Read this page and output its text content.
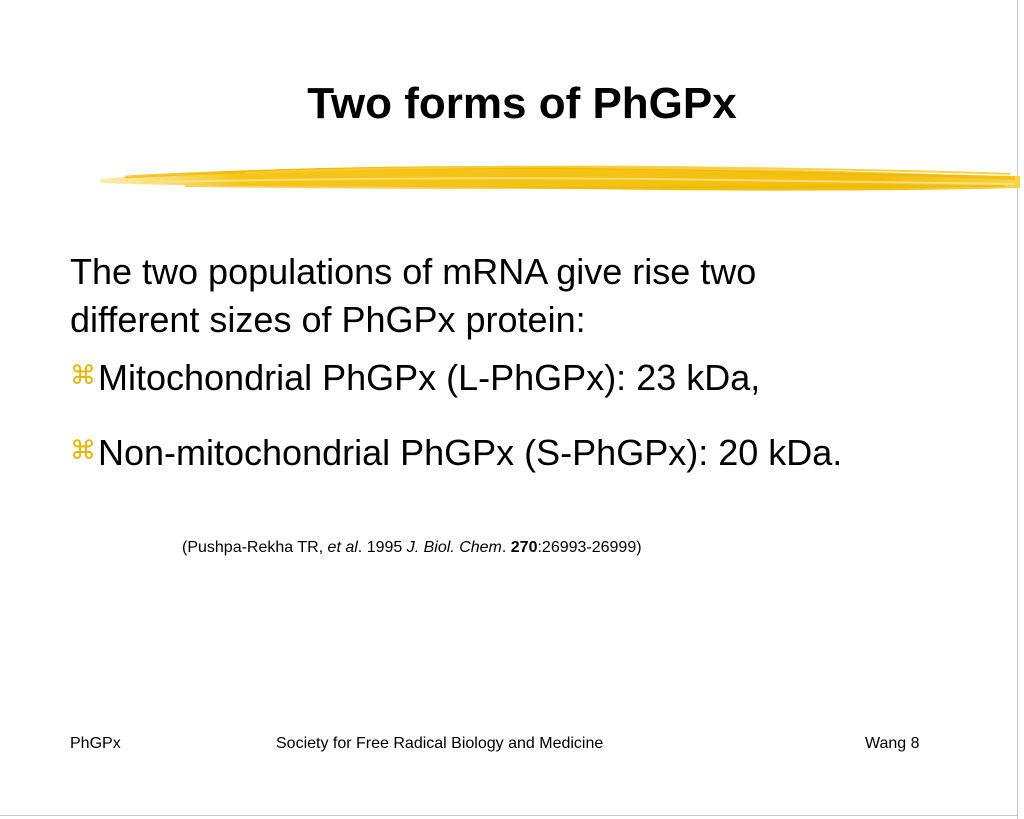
Two forms of PhGPx

The two populations of mRNA give rise two
different sizes of PhGPx protein:

⌘Mitochondrial PhGPx (L-PhGPx): 23 kDa,

⌘Non-mitochondrial PhGPx (S-PhGPx): 20 kDa.

(Pushpa-Rekha TR, et al. 1995 J. Biol. Chem. 270:26993-26999)
PhGPx	Society for Free Radical Biology and Medicine	Wang 8
